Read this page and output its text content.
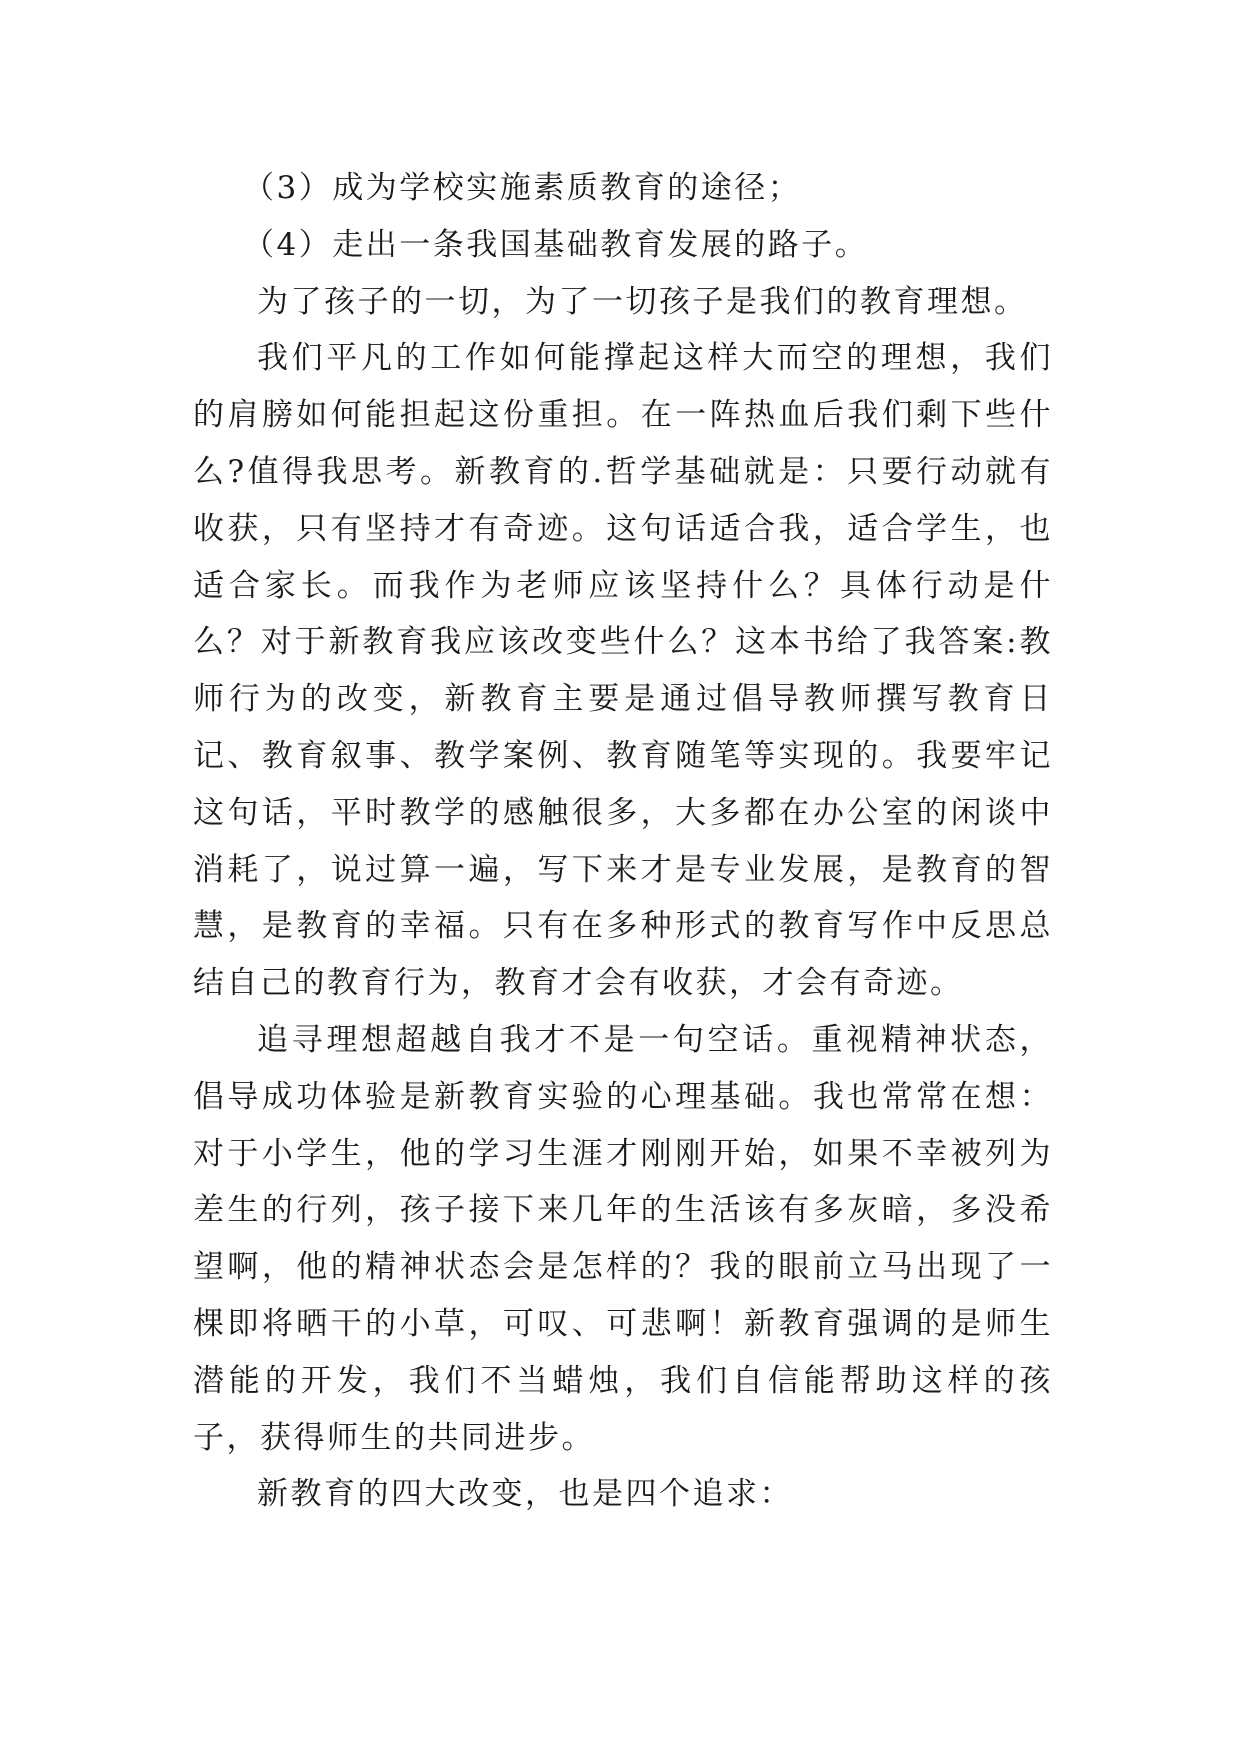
（3）成为学校实施素质教育的途径；

（4）走出一条我国基础教育发展的路子。

为了孩子的一切，为了一切孩子是我们的教育理想。

我们平凡的工作如何能撑起这样大而空的理想，我们的肩膀如何能担起这份重担。在一阵热血后我们剩下些什么?值得我思考。新教育的.哲学基础就是：只要行动就有收获，只有坚持才有奇迹。这句话适合我，适合学生，也适合家长。而我作为老师应该坚持什么？具体行动是什么？对于新教育我应该改变些什么？这本书给了我答案:教师行为的改变，新教育主要是通过倡导教师撰写教育日记、教育叙事、教学案例、教育随笔等实现的。我要牢记这句话，平时教学的感触很多，大多都在办公室的闲谈中消耗了，说过算一遍，写下来才是专业发展，是教育的智慧，是教育的幸福。只有在多种形式的教育写作中反思总结自己的教育行为，教育才会有收获，才会有奇迹。

追寻理想超越自我才不是一句空话。重视精神状态，倡导成功体验是新教育实验的心理基础。我也常常在想：对于小学生，他的学习生涯才刚刚开始，如果不幸被列为差生的行列，孩子接下来几年的生活该有多灰暗，多没希望啊，他的精神状态会是怎样的？我的眼前立马出现了一棵即将晒干的小草，可叹、可悲啊！新教育强调的是师生潜能的开发，我们不当蜡烛，我们自信能帮助这样的孩子，获得师生的共同进步。

新教育的四大改变，也是四个追求：
